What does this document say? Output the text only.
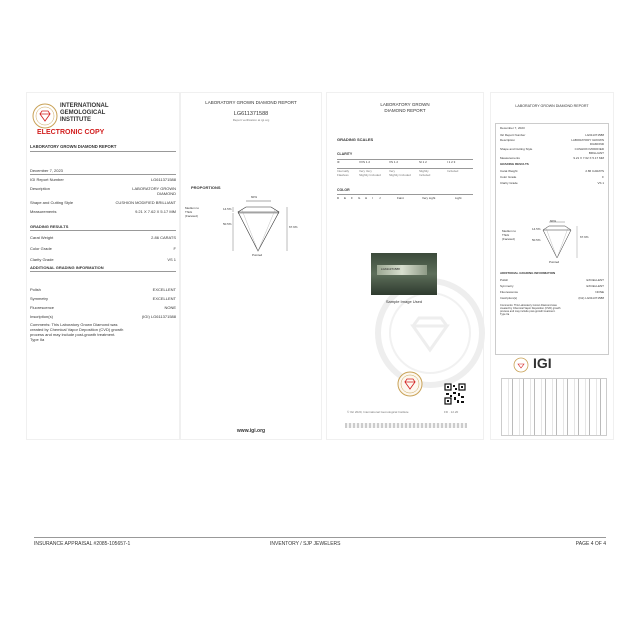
INTERNATIONAL
GEMOLOGICAL
INSTITUTE
ELECTRONIC COPY
LABORATORY GROWN DIAMOND REPORT
December 7, 2023
IGI Report Number	LG611371588
Description	LABORATORY GROWN
DIAMOND
Shape and Cutting Style	CUSHION MODIFIED BRILLIANT
Measurements	9.21 X 7.62 X 5.17 MM
GRADING RESULTS
Carat Weight	2.86 CARATS
Color Grade	F
Clarity Grade	VS 1
ADDITIONAL GRADING INFORMATION
Polish	EXCELLENT
Symmetry	EXCELLENT
Fluorescence	NONE
Inscription(s)	(IGI) LG611371588
Comments: This Laboratory Grown Diamond was
created by Chemical Vapor Deposition (CVD) growth
process and may include post-growth treatment.
Type IIa
LABORATORY GROWN DIAMOND REPORT
LG611371588
Report verification at igi.org
PROPORTIONS
60%
14.5%
50.5%
67.9%
Medium to
Thick
(Faceted)
Pointed
www.igi.org
LABORATORY GROWN
DIAMOND REPORT
GRADING SCALES
CLARITY
IF	VVS 1 2	VS 1 2	SI 1 2	I 1 2 3
Internally
Flawless
Very Very
Slightly Included
Very
Slightly Included
Slightly
Included
Included
COLOR
D E F G H I J	Faint	Very Light	Light
LG611371588
Sample Image Used
© IGI 2020, International Gemological Institute	FD · 12.20
LABORATORY GROWN DIAMOND REPORT
December 7, 2023
IGI Report Number	LG611371588
Description	LABORATORY GROWN
DIAMOND
Shape and Cutting Style	CUSHION MODIFIED
BRILLIANT
Measurements	9.21 X 7.62 X 5.17 MM
GRADING RESULTS
Carat Weight	2.86 CARATS
Color Grade	F
Clarity Grade	VS 1
60%
14.5%
50.5%
67.9%
Medium to
Thick
(Faceted)
Pointed
ADDITIONAL GRADING INFORMATION
Polish	EXCELLENT
Symmetry	EXCELLENT
Fluorescence	NONE
Inscription(s)	(IGI) LG611371588
Comments: This Laboratory Grown Diamond was
created by Chemical Vapor Deposition (CVD) growth
process and may include post-growth treatment.
Type IIa
IGI
INSURANCE APPRAISAL #2085-105657-1	INVENTORY / SJP JEWELERS	PAGE 4 OF 4
